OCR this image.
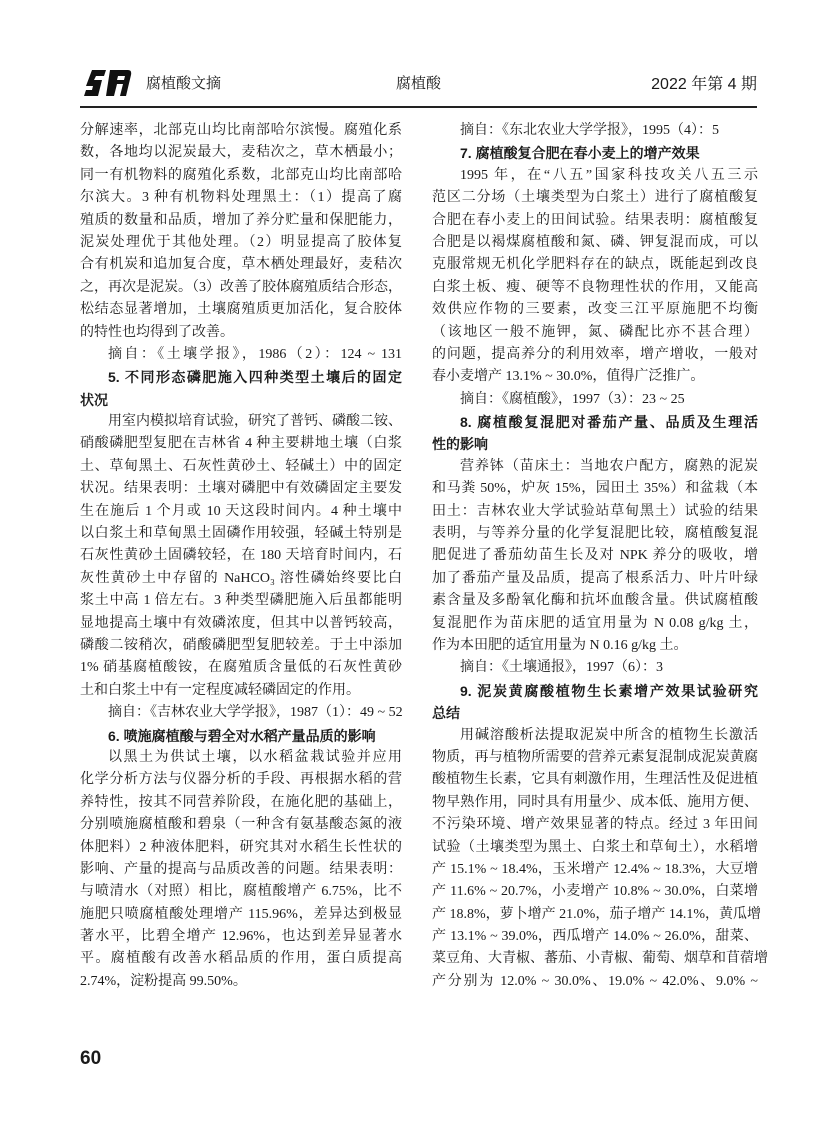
腐植酸文摘	腐植酸	2022 年第 4 期
分解速率，北部克山均比南部哈尔滨慢。腐殖化系
数，各地均以泥炭最大，麦秸次之，草木栖最小；
同一有机物料的腐殖化系数，北部克山均比南部哈
尔滨大。3 种有机物料处理黑土：（1）提高了腐
殖质的数量和品质，增加了养分贮量和保肥能力，
泥炭处理优于其他处理。（2）明显提高了胶体复
合有机炭和追加复合度，草木栖处理最好，麦秸次
之，再次是泥炭。（3）改善了胶体腐殖质结合形态，
松结态显著增加，土壤腐殖质更加活化，复合胶体
的特性也均得到了改善。
摘自：《土壤学报》，1986（2）：124 ~ 131
5. 不同形态磷肥施入四种类型土壤后的固定
状况
用室内模拟培育试验，研究了普钙、磷酸二铵、
硝酸磷肥型复肥在吉林省 4 种主要耕地土壤（白浆
土、草甸黑土、石灰性黄砂土、轻碱土）中的固定
状况。结果表明：土壤对磷肥中有效磷固定主要发
生在施后 1 个月或 10 天这段时间内。4 种土壤中
以白浆土和草甸黑土固磷作用较强，轻碱土特别是
石灰性黄砂土固磷较轻，在 180 天培育时间内，石
灰性黄砂土中存留的 NaHCO₃ 溶性磷始终要比白
浆土中高 1 倍左右。3 种类型磷肥施入后虽都能明
显地提高土壤中有效磷浓度，但其中以普钙较高，
磷酸二铵稍次，硝酸磷肥型复肥较差。于土中添加
1% 硝基腐植酸铵，在腐殖质含量低的石灰性黄砂
土和白浆土中有一定程度减轻磷固定的作用。
摘自：《吉林农业大学学报》，1987（1）：49 ~ 52
6. 喷施腐植酸与碧全对水稻产量品质的影响
以黑土为供试土壤，以水稻盆栽试验并应用
化学分析方法与仪器分析的手段、再根据水稻的营
养特性，按其不同营养阶段，在施化肥的基础上，
分别喷施腐植酸和碧泉（一种含有氨基酸态氮的液
体肥料）2 种液体肥料，研究其对水稻生长性状的
影响、产量的提高与品质改善的问题。结果表明：
与喷清水（对照）相比，腐植酸增产 6.75%，比不
施肥只喷腐植酸处理增产 115.96%，差异达到极显
著水平，比碧全增产 12.96%，也达到差异显著水
平。腐植酸有改善水稻品质的作用，蛋白质提高
2.74%，淀粉提高 99.50%。
摘自：《东北农业大学学报》，1995（4）：5
7. 腐植酸复合肥在春小麦上的增产效果
1995 年，在“八五”国家科技攻关八五三示
范区二分场（土壤类型为白浆土）进行了腐植酸复
合肥在春小麦上的田间试验。结果表明：腐植酸复
合肥是以褐煤腐植酸和氮、磷、钾复混而成，可以
克服常规无机化学肥料存在的缺点，既能起到改良
白浆土板、瘦、硬等不良物理性状的作用，又能高
效供应作物的三要素，改变三江平原施肥不均衡
（该地区一般不施钾，氮、磷配比亦不甚合理）
的问题，提高养分的利用效率，增产增收，一般对
春小麦增产 13.1% ~ 30.0%，值得广泛推广。
摘自：《腐植酸》，1997（3）：23 ~ 25
8. 腐植酸复混肥对番茄产量、品质及生理活
性的影响
营养钵（苗床土：当地农户配方，腐熟的泥炭
和马粪 50%，炉灰 15%，园田土 35%）和盆栽（本
田土：吉林农业大学试验站草甸黑土）试验的结果
表明，与等养分量的化学复混肥比较，腐植酸复混
肥促进了番茄幼苗生长及对 NPK 养分的吸收，增
加了番茄产量及品质，提高了根系活力、叶片叶绿
素含量及多酚氧化酶和抗坏血酸含量。供试腐植酸
复混肥作为苗床肥的适宜用量为 N 0.08 g/kg 土，
作为本田肥的适宜用量为 N 0.16 g/kg 土。
摘自：《土壤通报》，1997（6）：3
9. 泥炭黄腐酸植物生长素增产效果试验研究
总结
用碱溶酸析法提取泥炭中所含的植物生长激活
物质，再与植物所需要的营养元素复混制成泥炭黄腐
酸植物生长素，它具有刺激作用，生理活性及促进植
物早熟作用，同时具有用量少、成本低、施用方便、
不污染环境、增产效果显著的特点。经过 3 年田间
试验（土壤类型为黑土、白浆土和草甸土），水稻增
产 15.1% ~ 18.4%，玉米增产 12.4% ~ 18.3%，大豆增
产 11.6% ~ 20.7%，小麦增产 10.8% ~ 30.0%，白菜增
产 18.8%，萝卜增产 21.0%，茄子增产 14.1%，黄瓜增
产 13.1% ~ 39.0%，西瓜增产 14.0% ~ 26.0%，甜菜、
菜豆角、大青椒、蕃茄、小青椒、葡萄、烟草和苜蓿增
产分别为 12.0% ~ 30.0%、19.0% ~ 42.0%、9.0% ~
60
